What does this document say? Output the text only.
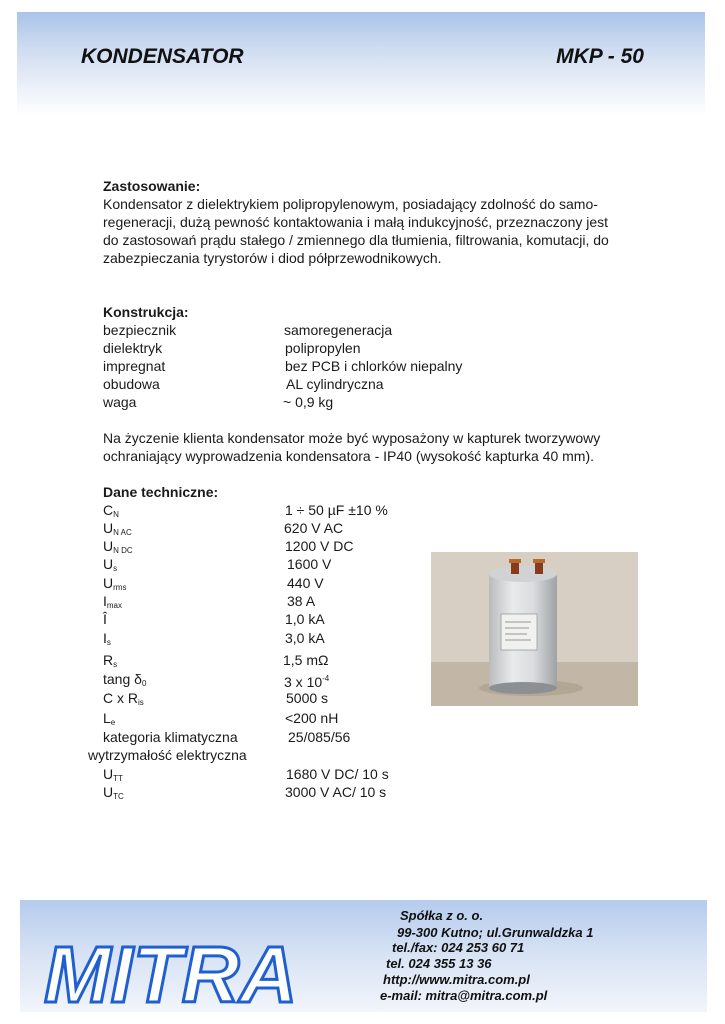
KONDENSATOR	MKP - 50
Zastosowanie:
Kondensator z dielektrykiem polipropylenowym, posiadający zdolność do samo-
regeneracji, dużą pewność kontaktowania i małą indukcyjność, przeznaczony jest
do zastosowań prądu stałego / zmiennego dla tłumienia, filtrowania, komutacji, do
zabezpieczania tyrystorów i diod półprzewodnikowych.
Konstrukcja:
bezpiecznik	samoregeneracja
dielektryk	polipropylen
impregnat	bez PCB i chlorków niepalny
obudowa	AL cylindryczna
waga	~ 0,9 kg
Na życzenie klienta kondensator może być wyposażony w kapturek tworzywowy
ochraniający wyprowadzenia kondensatora - IP40 (wysokość kapturka 40 mm).
Dane techniczne:
$C_N$	1 ÷ 50 µF ±10 %
$U_{N AC}$	620 V AC
$U_{N DC}$	1200 V DC
$U_s$	1600 V
$U_{rms}$	440 V
$I_{max}$	38 A
Î	1,0 kA
$I_s$	3,0 kA
$R_s$	1,5 mΩ
tang $\delta_0$	3 x $10^{-4}$
C x $R_{is}$	5000 s
$L_e$	<200 nH
kategoria klimatyczna	25/085/56
wytrzymałość elektryczna
$U_{TT}$	1680 V DC/ 10 s
$U_{TC}$	3000 V AC/ 10 s
MITRA
Spółka z o. o.
99-300 Kutno; ul.Grunwaldzka 1
tel./fax: 024 253 60 71
tel. 024 355 13 36
http://www.mitra.com.pl
e-mail: mitra@mitra.com.pl
